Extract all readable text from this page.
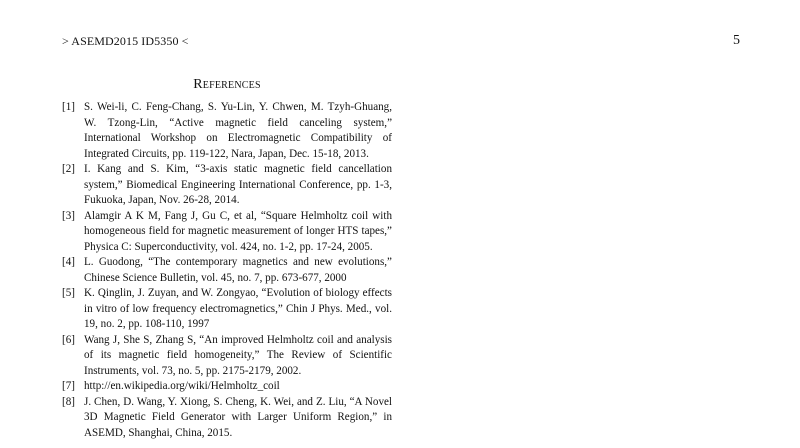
> ASEMD2015 ID5350 <	5
References
[1] S. Wei-li, C. Feng-Chang, S. Yu-Lin, Y. Chwen, M. Tzyh-Ghuang, W. Tzong-Lin, “Active magnetic field canceling system,” International Workshop on Electromagnetic Compatibility of Integrated Circuits, pp. 119-122, Nara, Japan, Dec. 15-18, 2013.
[2] I. Kang and S. Kim, “3-axis static magnetic field cancellation system,” Biomedical Engineering International Conference, pp. 1-3, Fukuoka, Japan, Nov. 26-28, 2014.
[3] Alamgir A K M, Fang J, Gu C, et al, “Square Helmholtz coil with homogeneous field for magnetic measurement of longer HTS tapes,” Physica C: Superconductivity, vol. 424, no. 1-2, pp. 17-24, 2005.
[4] L. Guodong, “The contemporary magnetics and new evolutions,” Chinese Science Bulletin, vol. 45, no. 7, pp. 673-677, 2000
[5] K. Qinglin, J. Zuyan, and W. Zongyao, “Evolution of biology effects in vitro of low frequency electromagnetics,” Chin J Phys. Med., vol. 19, no. 2, pp. 108-110, 1997
[6] Wang J, She S, Zhang S, “An improved Helmholtz coil and analysis of its magnetic field homogeneity,” The Review of Scientific Instruments, vol. 73, no. 5, pp. 2175-2179, 2002.
[7] http://en.wikipedia.org/wiki/Helmholtz_coil
[8] J. Chen, D. Wang, Y. Xiong, S. Cheng, K. Wei, and Z. Liu, “A Novel 3D Magnetic Field Generator with Larger Uniform Region,” in ASEMD, Shanghai, China, 2015.
